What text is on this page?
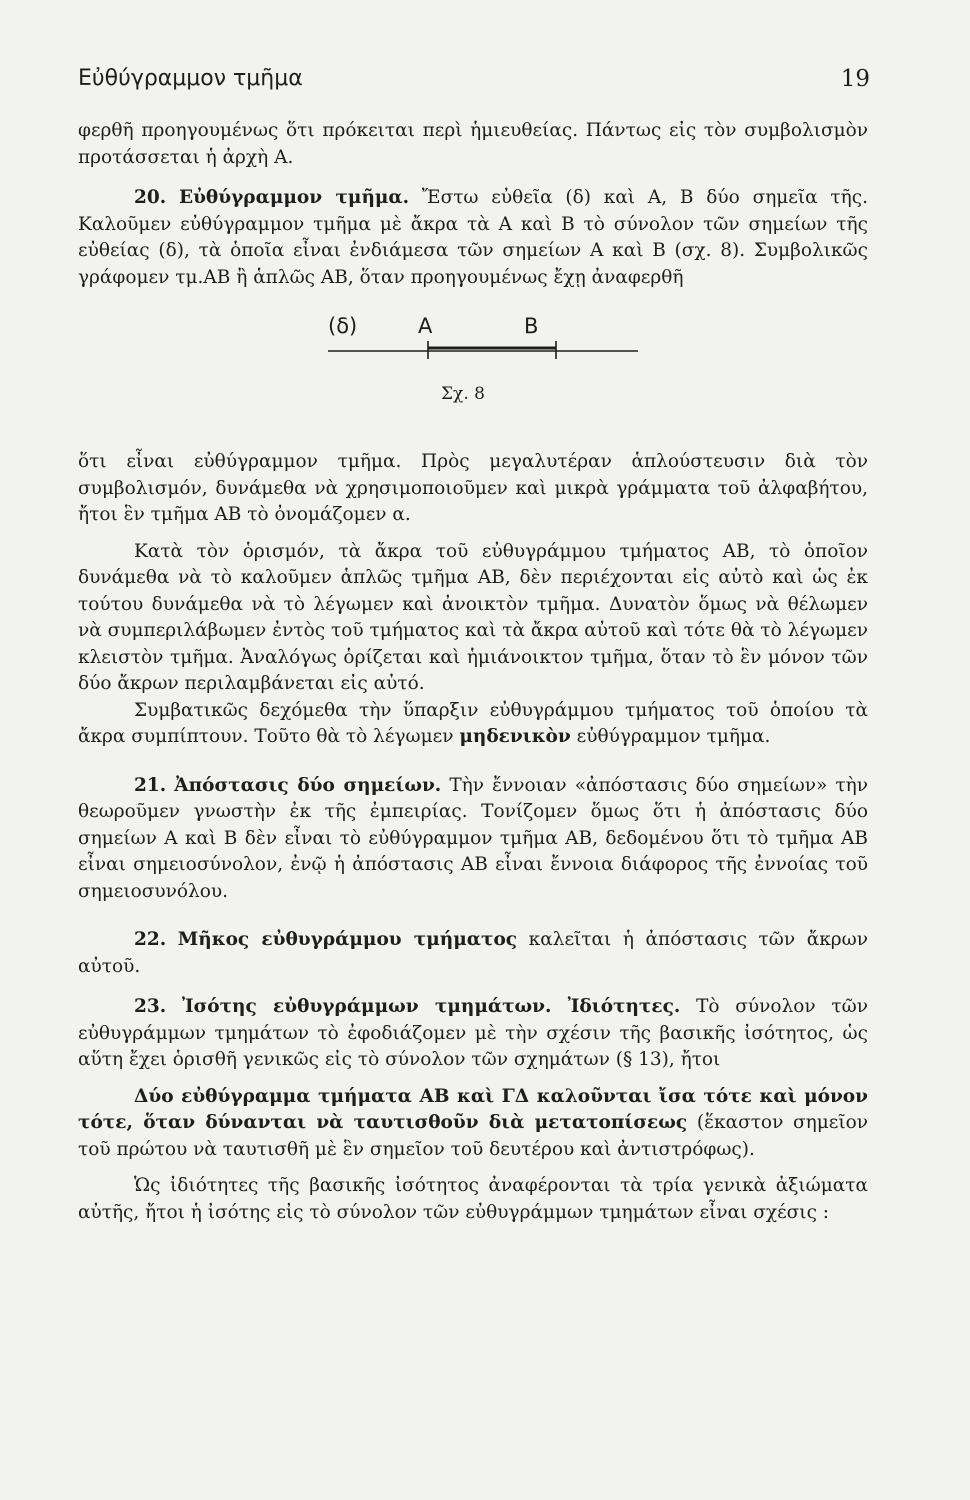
Εὐθύγραμμον τμῆμα	19

φερθῆ προηγουμένως ὅτι πρόκειται περὶ ἡμιευθείας. Πάντως εἰς τὸν συμβολισμὸν προτάσσεται ἡ ἀρχὴ Α.

20. Εὐθύγραμμον τμῆμα. Ἔστω εὐθεῖα (δ) καὶ Α, Β δύο σημεῖα τῆς. Καλοῦμεν εὐθύγραμμον τμῆμα μὲ ἄκρα τὰ Α καὶ Β τὸ σύνολον τῶν σημείων τῆς εὐθείας (δ), τὰ ὁποῖα εἶναι ἐνδιάμεσα τῶν σημείων Α καὶ Β (σχ. 8). Συμβολικῶς γράφομεν τμ.ΑΒ ἢ ἁπλῶς ΑΒ, ὅταν προηγουμένως ἔχῃ ἀναφερθῆ

(δ)	Α	Β
Σχ. 8

ὅτι εἶναι εὐθύγραμμον τμῆμα. Πρὸς μεγαλυτέραν ἁπλούστευσιν διὰ τὸν συμβολισμόν, δυνάμεθα νὰ χρησιμοποιοῦμεν καὶ μικρὰ γράμματα τοῦ ἀλφαβήτου, ἤτοι ἓν τμῆμα ΑΒ τὸ ὀνομάζομεν α.

Κατὰ τὸν ὁρισμόν, τὰ ἄκρα τοῦ εὐθυγράμμου τμήματος ΑΒ, τὸ ὁποῖον δυνάμεθα νὰ τὸ καλοῦμεν ἁπλῶς τμῆμα ΑΒ, δὲν περιέχονται εἰς αὐτὸ καὶ ὡς ἐκ τούτου δυνάμεθα νὰ τὸ λέγωμεν καὶ ἀνοικτὸν τμῆμα. Δυνατὸν ὅμως νὰ θέλωμεν νὰ συμπεριλάβωμεν ἐντὸς τοῦ τμήματος καὶ τὰ ἄκρα αὐτοῦ καὶ τότε θὰ τὸ λέγωμεν κλειστὸν τμῆμα. Ἀναλόγως ὁρίζεται καὶ ἡμιάνοικτον τμῆμα, ὅταν τὸ ἓν μόνον τῶν δύο ἄκρων περιλαμβάνεται εἰς αὐτό.

Συμβατικῶς δεχόμεθα τὴν ὕπαρξιν εὐθυγράμμου τμήματος τοῦ ὁποίου τὰ ἄκρα συμπίπτουν. Τοῦτο θὰ τὸ λέγωμεν μηδενικὸν εὐθύγραμμον τμῆμα.

21. Ἀπόστασις δύο σημείων. Τὴν ἔννοιαν «ἀπόστασις δύο σημείων» τὴν θεωροῦμεν γνωστὴν ἐκ τῆς ἐμπειρίας. Τονίζομεν ὅμως ὅτι ἡ ἀπόστασις δύο σημείων Α καὶ Β δὲν εἶναι τὸ εὐθύγραμμον τμῆμα ΑΒ, δεδομένου ὅτι τὸ τμῆμα ΑΒ εἶναι σημειοσύνολον, ἐνῷ ἡ ἀπόστασις ΑΒ εἶναι ἔννοια διάφορος τῆς ἐννοίας τοῦ σημειοσυνόλου.

22. Μῆκος εὐθυγράμμου τμήματος καλεῖται ἡ ἀπόστασις τῶν ἄκρων αὐτοῦ.

23. Ἰσότης εὐθυγράμμων τμημάτων. Ἰδιότητες. Τὸ σύνολον τῶν εὐθυγράμμων τμημάτων τὸ ἐφοδιάζομεν μὲ τὴν σχέσιν τῆς βασικῆς ἰσότητος, ὡς αὕτη ἔχει ὁρισθῆ γενικῶς εἰς τὸ σύνολον τῶν σχημάτων (§ 13), ἤτοι

Δύο εὐθύγραμμα τμήματα ΑΒ καὶ ΓΔ καλοῦνται ἴσα τότε καὶ μόνον τότε, ὅταν δύνανται νὰ ταυτισθοῦν διὰ μετατοπίσεως (ἕκαστον σημεῖον τοῦ πρώτου νὰ ταυτισθῆ μὲ ἓν σημεῖον τοῦ δευτέρου καὶ ἀντιστρόφως).

Ὡς ἰδιότητες τῆς βασικῆς ἰσότητος ἀναφέρονται τὰ τρία γενικὰ ἀξιώματα αὐτῆς, ἤτοι ἡ ἰσότης εἰς τὸ σύνολον τῶν εὐθυγράμμων τμημάτων εἶναι σχέσις :
